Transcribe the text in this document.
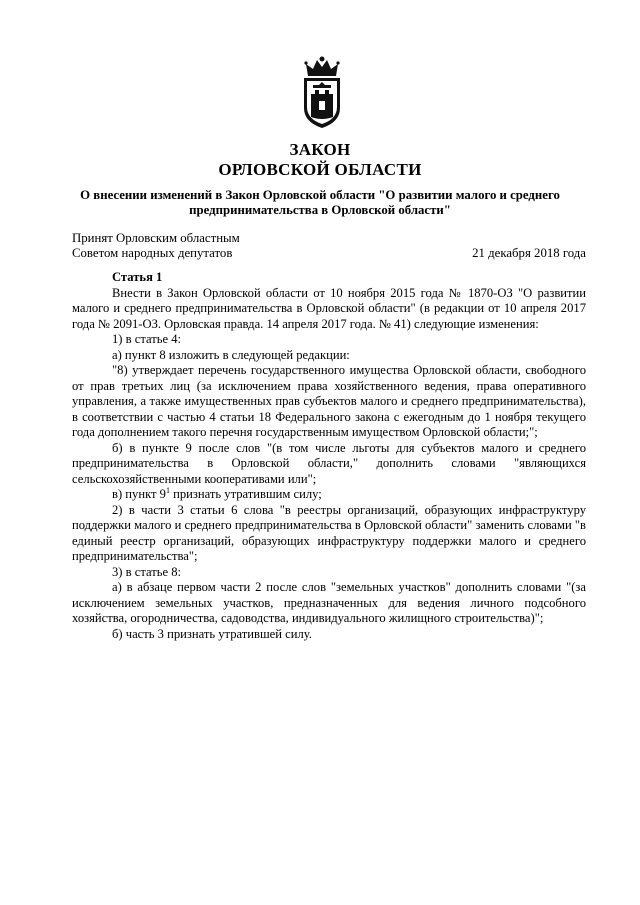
ЗАКОН
ОРЛОВСКОЙ ОБЛАСТИ
О внесении изменений в Закон Орловской области "О развитии малого и среднего
предпринимательства в Орловской области"
Принят Орловским областным
Советом народных депутатов	21 декабря 2018 года

Статья 1

Внести в Закон Орловской области от 10 ноября 2015 года № 1870-ОЗ "О развитии малого и среднего предпринимательства в Орловской области" (в редакции от 10 апреля 2017 года № 2091-ОЗ. Орловская правда. 14 апреля 2017 года. № 41) следующие изменения:

1) в статье 4:

а) пункт 8 изложить в следующей редакции:

"8) утверждает перечень государственного имущества Орловской области, свободного от прав третьих лиц (за исключением права хозяйственного ведения, права оперативного управления, а также имущественных прав субъектов малого и среднего предпринимательства), в соответствии с частью 4 статьи 18 Федерального закона с ежегодным до 1 ноября текущего года дополнением такого перечня государственным имуществом Орловской области;";

б) в пункте 9 после слов "(в том числе льготы для субъектов малого и среднего предпринимательства в Орловской области," дополнить словами "являющихся сельскохозяйственными кооперативами или";

в) пункт $9^1$ признать утратившим силу;

2) в части 3 статьи 6 слова "в реестры организаций, образующих инфраструктуру поддержки малого и среднего предпринимательства в Орловской области" заменить словами "в единый реестр организаций, образующих инфраструктуру поддержки малого и среднего предпринимательства";

3) в статье 8:

а) в абзаце первом части 2 после слов "земельных участков" дополнить словами "(за исключением земельных участков, предназначенных для ведения личного подсобного хозяйства, огородничества, садоводства, индивидуального жилищного строительства)";

б) часть 3 признать утратившей силу.
